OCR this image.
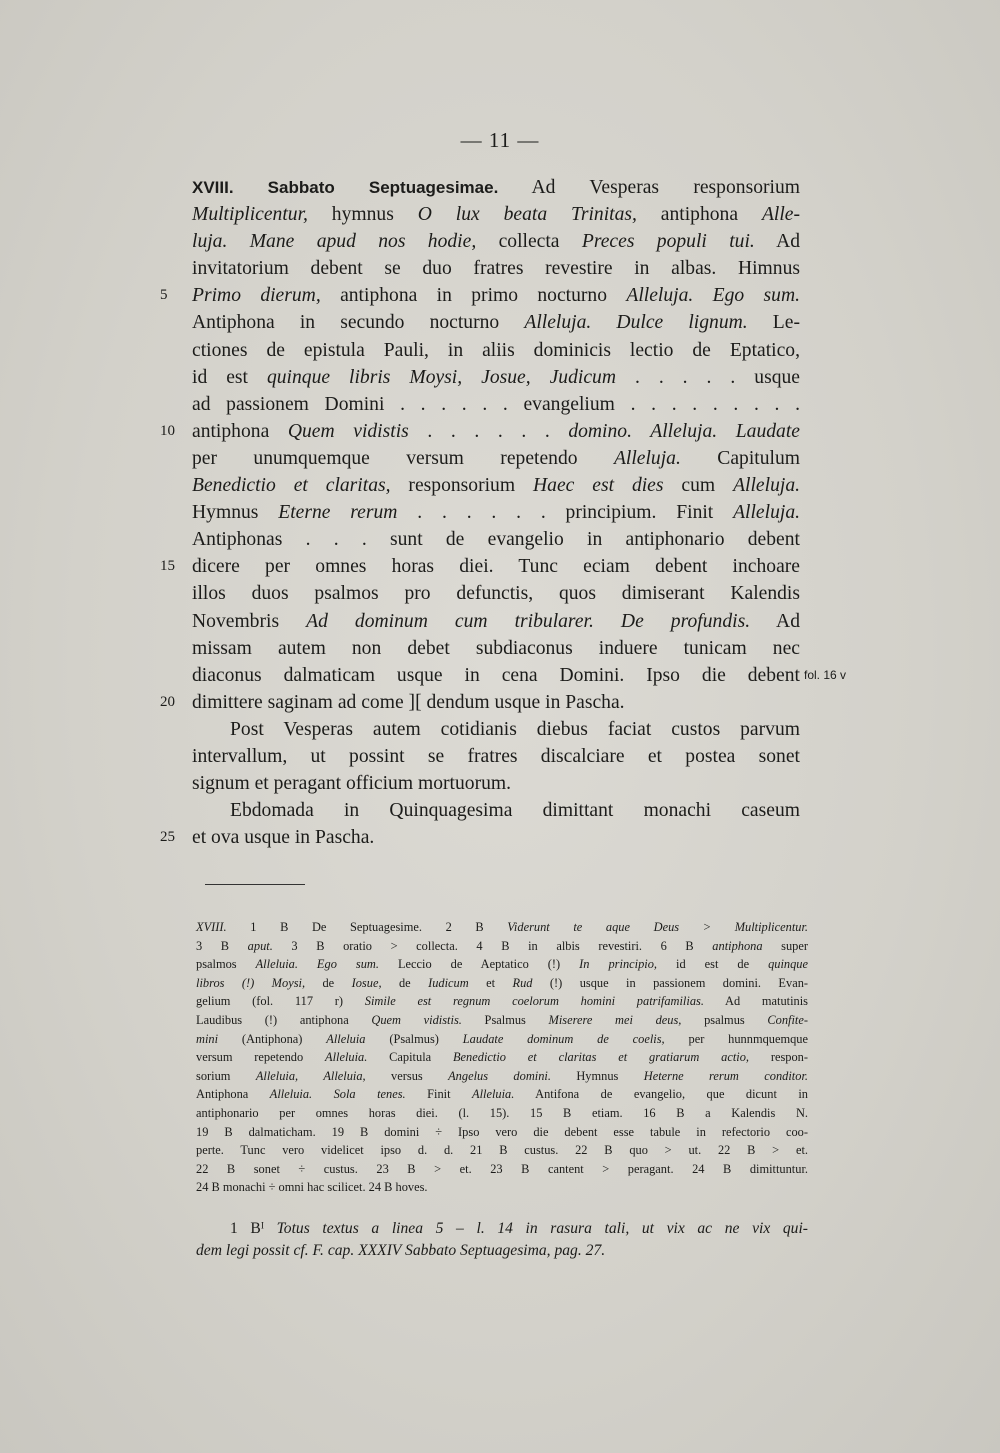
— 11 —
XVIII. Sabbato Septuagesimae. Ad Vesperas responsorium
Multiplicentur, hymnus O lux beata Trinitas, antiphona Alle-
luja. Mane apud nos hodie, collecta Preces populi tui. Ad
invitatorium debent se duo fratres revestire in albas. Himnus
5	Primo dierum, antiphona in primo nocturno Alleluja. Ego sum.
Antiphona in secundo nocturno Alleluja. Dulce lignum. Le-
ctiones de epistula Pauli, in aliis dominicis lectio de Eptatico,
id est quinque libris Moysi, Josue, Judicum . . . . . usque
ad passionem Domini . . . . . . evangelium . . . . . . . . .
10 antiphona Quem vidistis . . . . . . domino. Alleluja. Laudate
per unumquemque versum repetendo Alleluja. Capitulum
Benedictio et claritas, responsorium Haec est dies cum Alleluja.
Hymnus Eterne rerum . . . . . . principium. Finit Alleluja.
Antiphonas . . . sunt de evangelio in antiphonario debent
15 dicere per omnes horas diei. Tunc eciam debent inchoare
illos duos psalmos pro defunctis, quos dimiserant Kalendis
Novembris Ad dominum cum tribularer. De profundis. Ad
missam autem non debet subdiaconus induere tunicam nec
diaconus dalmaticam usque in cena Domini. Ipso die debent
20 dimittere saginam ad come ][ dendum usque in Pascha.
Post Vesperas autem cotidianis diebus faciat custos parvum
intervallum, ut possint se fratres discalciare et postea sonet
signum et peragant officium mortuorum.
Ebdomada in Quinquagesima dimittant monachi caseum
25 et ova usque in Pascha.
fol. 16 v
XVIII. 1 B De Septuagesime. 2 B Viderunt te aque Deus > Multiplicentur.
3 B aput. 3 B oratio > collecta. 4 B in albis revestiri. 6 B antiphona super
psalmos Alleluia. Ego sum. Leccio de Aeptatico (!) In principio, id est de quinque
libros (!) Moysi, de Iosue, de Iudicum et Rud (!) usque in passionem domini. Evan-
gelium (fol. 117 r) Simile est regnum coelorum homini patrifamilias. Ad matutinis
Laudibus (!) antiphona Quem vidistis. Psalmus Miserere mei deus, psalmus Confite-
mini (Antiphona) Alleluia (Psalmus) Laudate dominum de coelis, per hunnmquemque
versum repetendo Alleluia. Capitula Benedictio et claritas et gratiarum actio, respon-
sorium Alleluia, Alleluia, versus Angelus domini. Hymnus Heterne rerum conditor.
Antiphona Alleluia. Sola tenes. Finit Alleluia. Antifona de evangelio, que dicunt in
antiphonario per omnes horas diei. (l. 15). 15 B etiam. 16 B a Kalendis N.
19 B dalmaticham. 19 B domini ÷ Ipso vero die debent esse tabule in refectorio coo-
perte. Tunc vero videlicet ipso d. d. 21 B custus. 22 B quo > ut. 22 B > et.
22 B sonet ÷ custus. 23 B > et. 23 B cantent > peragant. 24 B dimittuntur.
24 B monachi ÷ omni hac scilicet. 24 B hoves.
1 Bᴵ Totus textus a linea 5 – l. 14 in rasura tali, ut vix ac ne vix qui-
dem legi possit cf. F. cap. XXXIV Sabbato Septuagesima, pag. 27.
